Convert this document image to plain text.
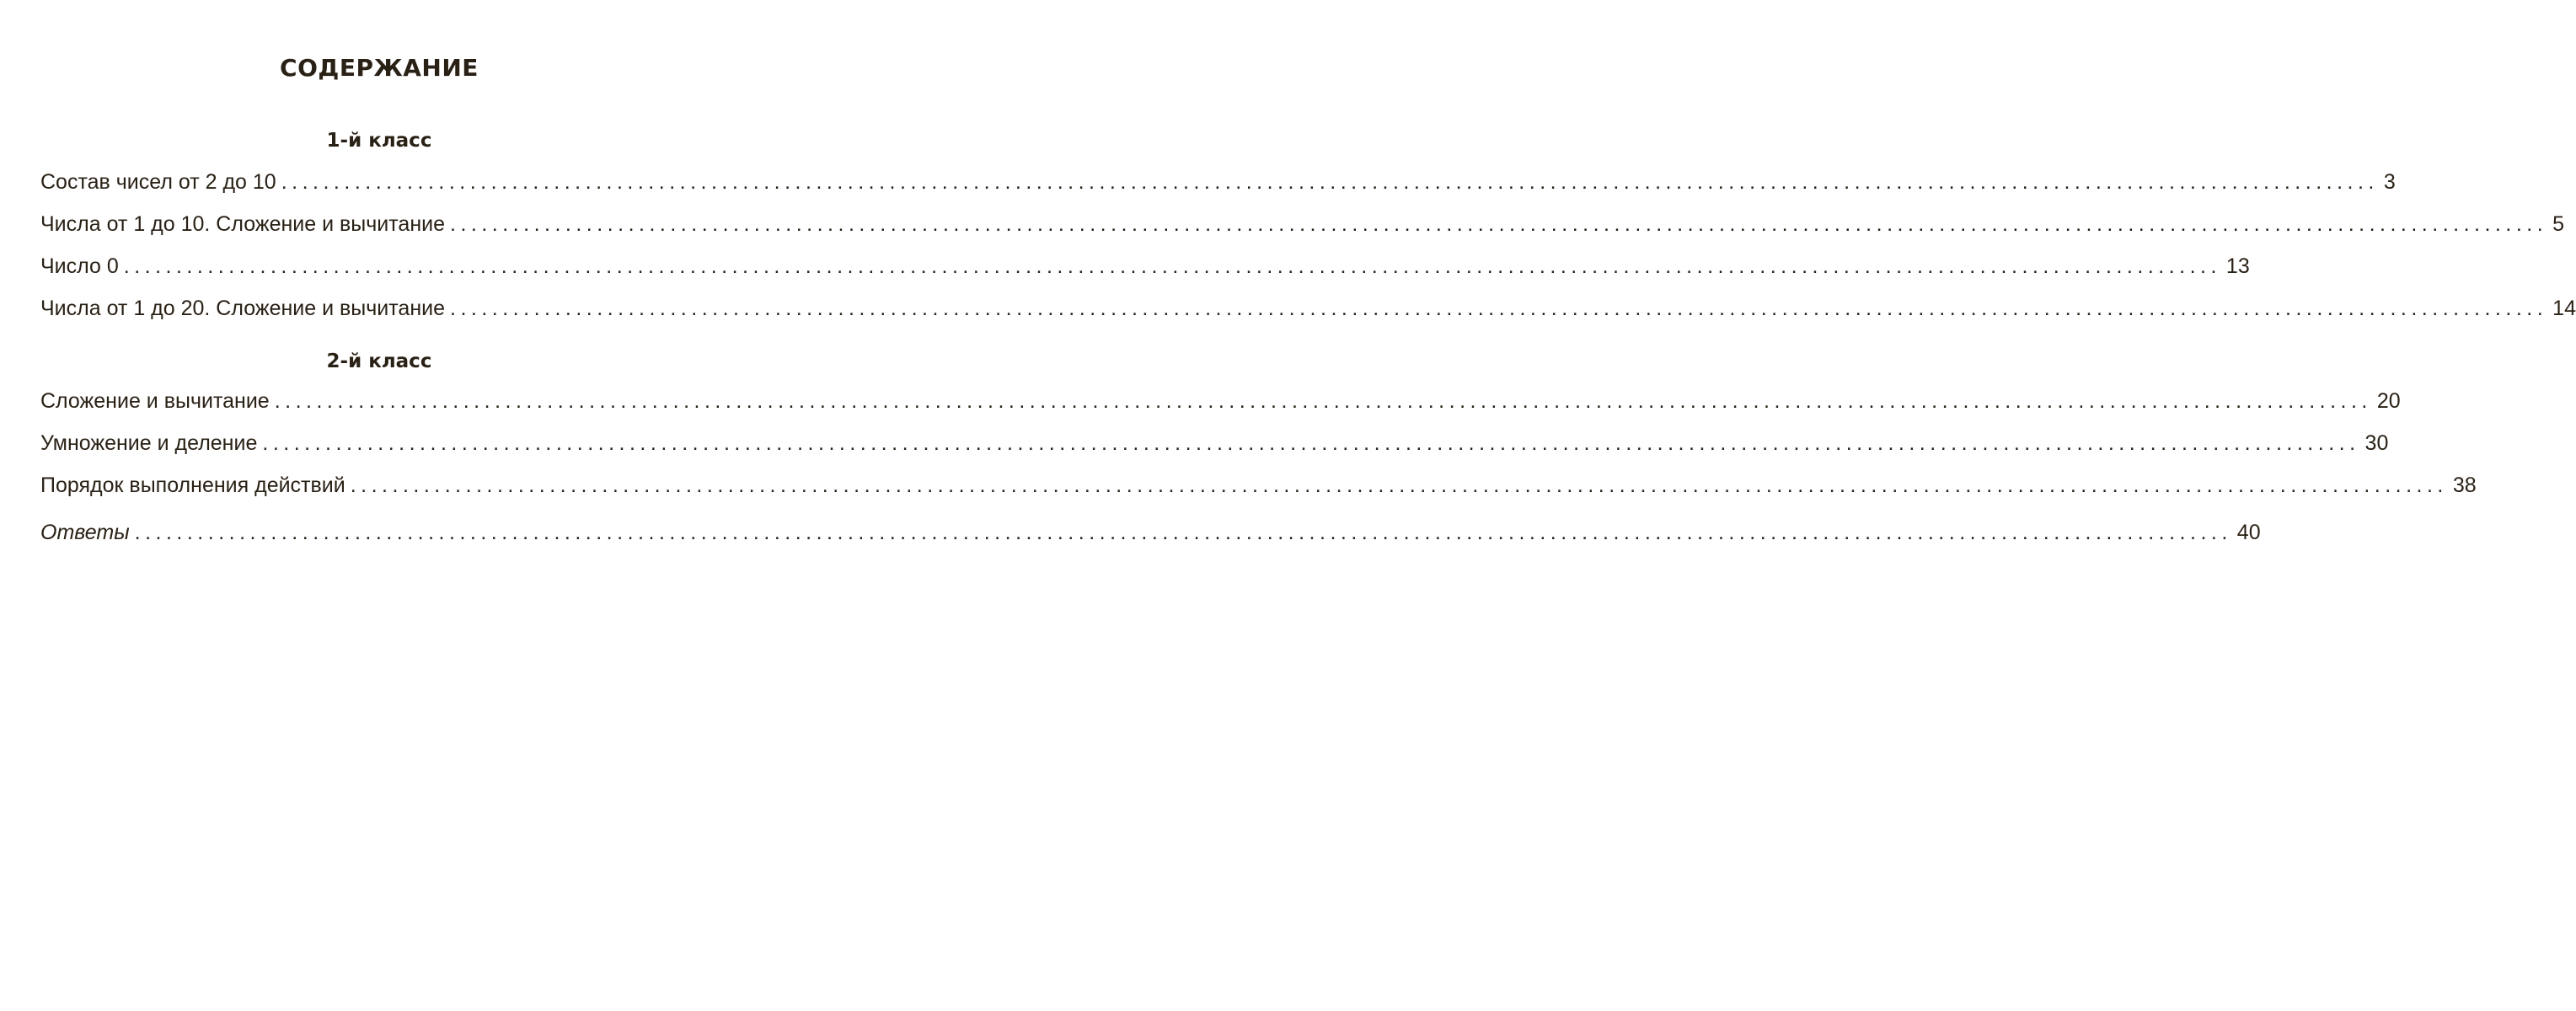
СОДЕРЖАНИЕ
1-й класс
Состав чисел от 2 до 10 ........................................................................................................................................................................................................ 3
Числа от 1 до 10. Сложение и вычитание ........................................................................................................................................................................................................ 5
Число 0 ........................................................................................................................................................................................................ 13
Числа от 1 до 20. Сложение и вычитание ........................................................................................................................................................................................................ 14
2-й класс
Сложение и вычитание ........................................................................................................................................................................................................ 20
Умножение и деление ........................................................................................................................................................................................................ 30
Порядок выполнения действий ........................................................................................................................................................................................................ 38
Ответы ........................................................................................................................................................................................................ 40
